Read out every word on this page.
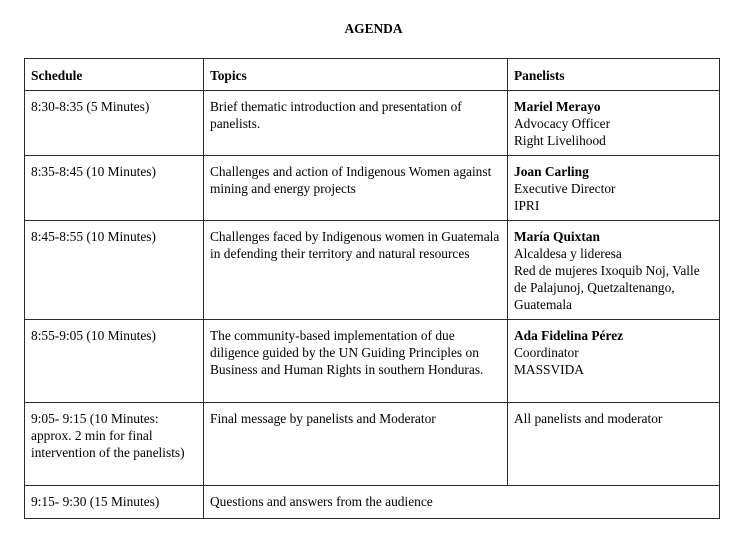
AGENDA
Schedule	Topics	Panelists
8:30-8:35 (5 Minutes)	Brief thematic introduction and presentation of panelists.	Mariel Merayo
Advocacy Officer
Right Livelihood

8:35-8:45 (10 Minutes)	Challenges and action of Indigenous Women against mining and energy projects	Joan Carling
Executive Director
IPRI

8:45-8:55 (10 Minutes)	Challenges faced by Indigenous women in Guatemala in defending their territory and natural resources	María Quixtan
Alcaldesa y lideresa
Red de mujeres Ixoquib Noj, Valle de Palajunoj, Quetzaltenango, Guatemala

8:55-9:05 (10 Minutes)	The community-based implementation of due diligence guided by the UN Guiding Principles on Business and Human Rights in southern Honduras.	Ada Fidelina Pérez
Coordinator
MASSVIDA

9:05- 9:15 (10 Minutes: approx. 2 min for final intervention of the panelists)	Final message by panelists and Moderator	All panelists and moderator
9:15- 9:30 (15 Minutes)	Questions and answers from the audience	
